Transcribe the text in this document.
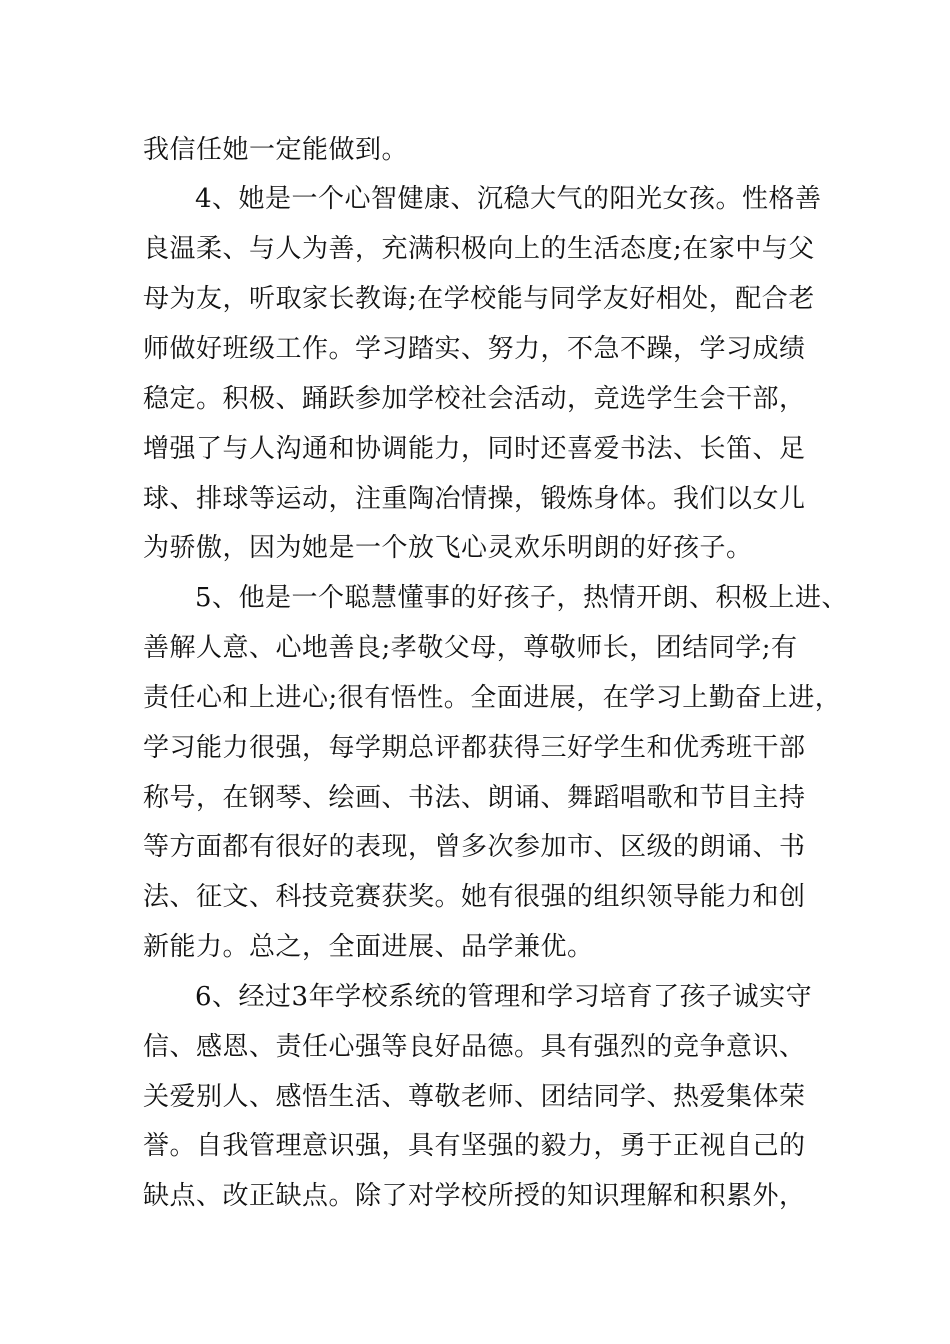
我信任她一定能做到。
4、她是一个心智健康、沉稳大气的阳光女孩。性格善
良温柔、与人为善，充满积极向上的生活态度;在家中与父
母为友，听取家长教诲;在学校能与同学友好相处，配合老
师做好班级工作。学习踏实、努力，不急不躁，学习成绩
稳定。积极、踊跃参加学校社会活动，竞选学生会干部，
增强了与人沟通和协调能力，同时还喜爱书法、长笛、足
球、排球等运动，注重陶冶情操，锻炼身体。我们以女儿
为骄傲，因为她是一个放飞心灵欢乐明朗的好孩子。
5、他是一个聪慧懂事的好孩子，热情开朗、积极上进、
善解人意、心地善良;孝敬父母，尊敬师长，团结同学;有
责任心和上进心;很有悟性。全面进展，在学习上勤奋上进，
学习能力很强，每学期总评都获得三好学生和优秀班干部
称号，在钢琴、绘画、书法、朗诵、舞蹈唱歌和节目主持
等方面都有很好的表现，曾多次参加市、区级的朗诵、书
法、征文、科技竞赛获奖。她有很强的组织领导能力和创
新能力。总之，全面进展、品学兼优。
6、经过3年学校系统的管理和学习培育了孩子诚实守
信、感恩、责任心强等良好品德。具有强烈的竞争意识、
关爱别人、感悟生活、尊敬老师、团结同学、热爱集体荣
誉。自我管理意识强，具有坚强的毅力，勇于正视自己的
缺点、改正缺点。除了对学校所授的知识理解和积累外，
